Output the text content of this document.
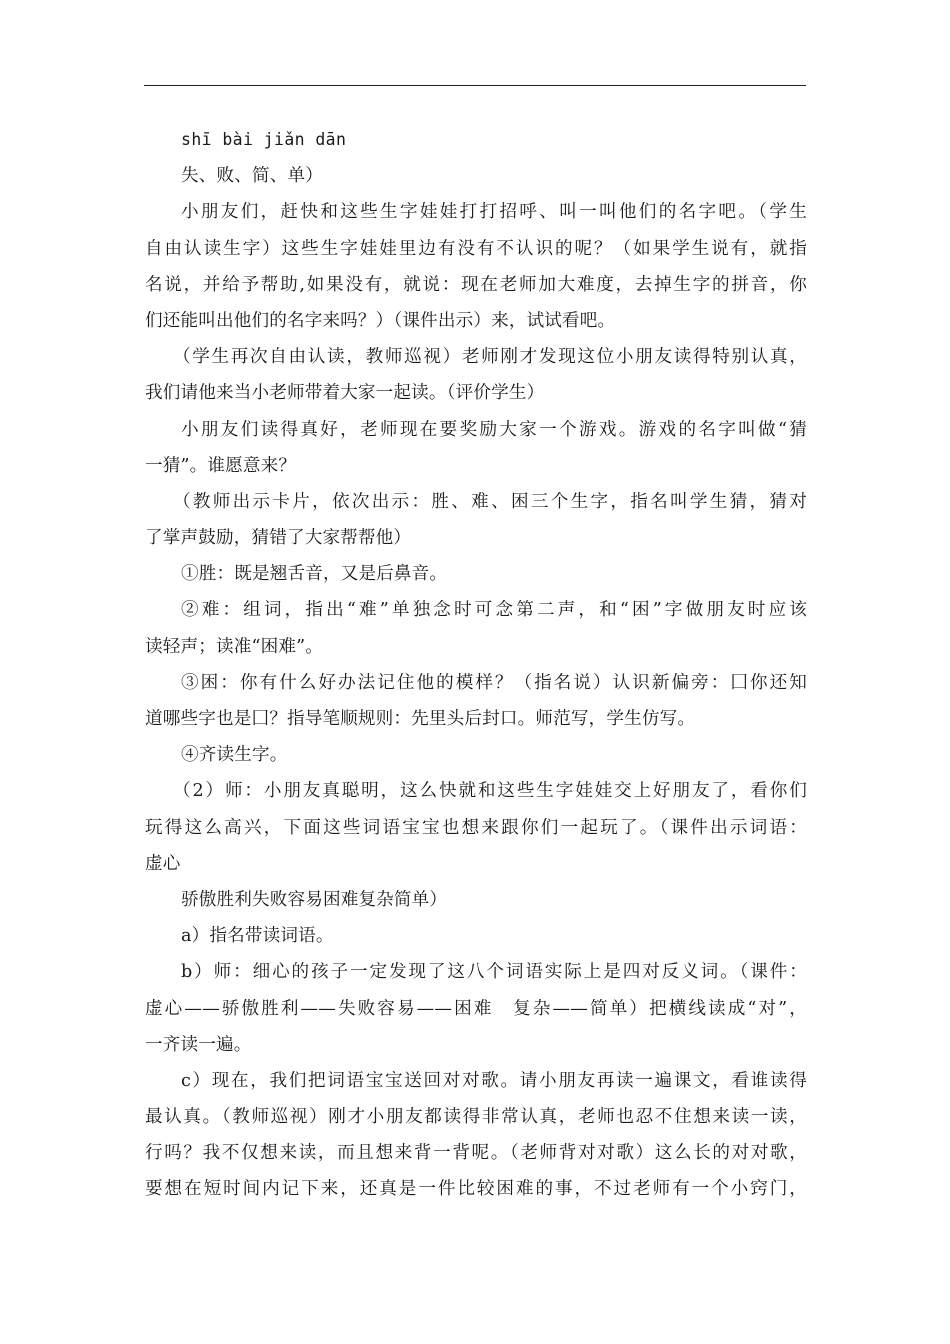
shī bài jiǎn dān
失、败、简、单）
小朋友们，赶快和这些生字娃娃打打招呼、叫一叫他们的名字吧。（学生
自由认读生字）这些生字娃娃里边有没有不认识的呢？（如果学生说有，就指
名说，并给予帮助,如果没有，就说：现在老师加大难度，去掉生字的拼音，你
们还能叫出他们的名字来吗？）（课件出示）来，试试看吧。
（学生再次自由认读，教师巡视）老师刚才发现这位小朋友读得特别认真，
我们请他来当小老师带着大家一起读。（评价学生）
小朋友们读得真好，老师现在要奖励大家一个游戏。游戏的名字叫做“猜
一猜”。谁愿意来？
（教师出示卡片，依次出示：胜、难、困三个生字，指名叫学生猜，猜对
了掌声鼓励，猜错了大家帮帮他）
①胜：既是翘舌音，又是后鼻音。
②难：组词，指出“难”单独念时可念第二声，和“困”字做朋友时应该
读轻声；读准“困难”。
③困：你有什么好办法记住他的模样？（指名说）认识新偏旁：囗你还知
道哪些字也是囗？指导笔顺规则：先里头后封口。师范写，学生仿写。
④齐读生字。
（2）师：小朋友真聪明，这么快就和这些生字娃娃交上好朋友了，看你们
玩得这么高兴，下面这些词语宝宝也想来跟你们一起玩了。（课件出示词语：
虚心
骄傲胜利失败容易困难复杂简单）
a）指名带读词语。
b）师：细心的孩子一定发现了这八个词语实际上是四对反义词。（课件：
虚心——骄傲胜利——失败容易——困难　复杂——简单）把横线读成“对”，
一齐读一遍。
c）现在，我们把词语宝宝送回对对歌。请小朋友再读一遍课文，看谁读得
最认真。（教师巡视）刚才小朋友都读得非常认真，老师也忍不住想来读一读，
行吗？我不仅想来读，而且想来背一背呢。（老师背对对歌）这么长的对对歌，
要想在短时间内记下来，还真是一件比较困难的事，不过老师有一个小窍门，
